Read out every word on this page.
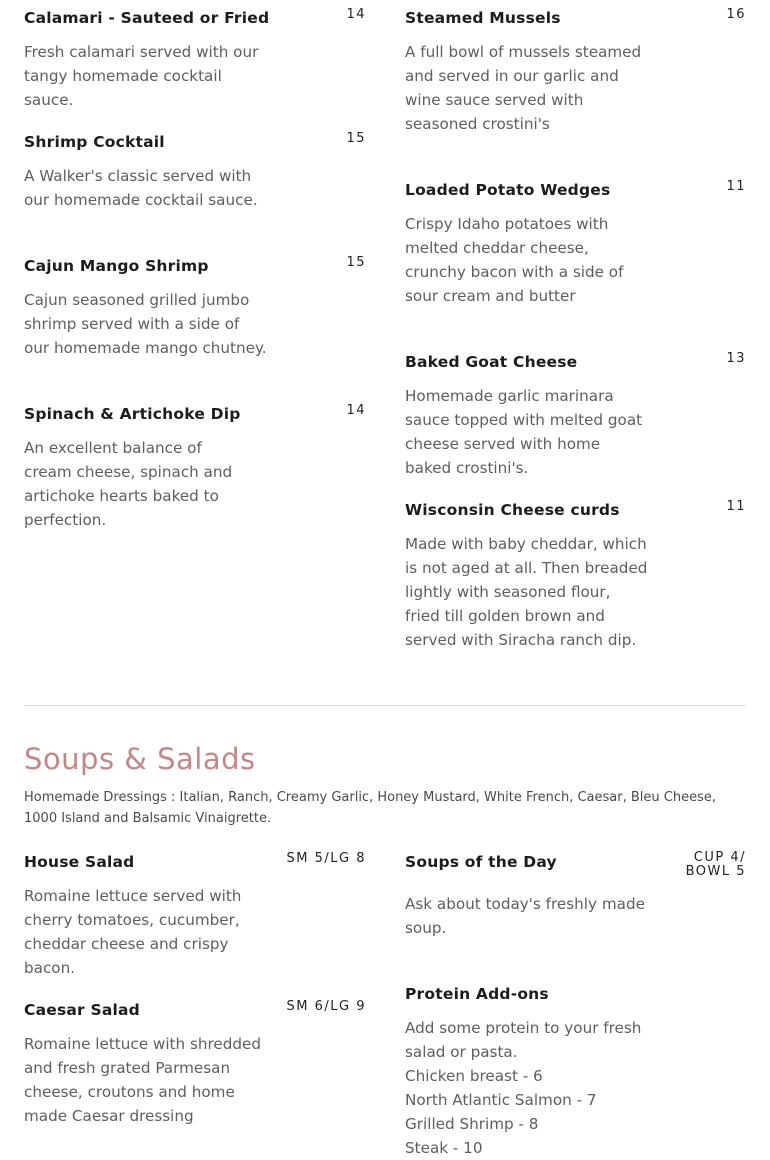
Calamari - Sauteed or Fried	14
Fresh calamari served with our tangy homemade cocktail sauce.
Shrimp Cocktail	15
A Walker's classic served with our homemade cocktail sauce.
Cajun Mango Shrimp	15
Cajun seasoned grilled jumbo shrimp served with a side of our homemade mango chutney.
Spinach & Artichoke Dip	14
An excellent balance of cream cheese, spinach and artichoke hearts baked to perfection.
Steamed Mussels	16
A full bowl of mussels steamed and served in our garlic and wine sauce served with seasoned crostini's
Loaded Potato Wedges	11
Crispy Idaho potatoes with melted cheddar cheese, crunchy bacon with a side of sour cream and butter
Baked Goat Cheese	13
Homemade garlic marinara sauce topped with melted goat cheese served with home baked crostini's.
Wisconsin Cheese curds	11
Made with baby cheddar, which is not aged at all. Then breaded lightly with seasoned flour, fried till golden brown and served with Siracha ranch dip.
Soups & Salads
Homemade Dressings : Italian, Ranch, Creamy Garlic, Honey Mustard, White French, Caesar, Bleu Cheese, 1000 Island and Balsamic Vinaigrette.
House Salad	SM 5/LG 8
Romaine lettuce served with cherry tomatoes, cucumber, cheddar cheese and crispy bacon.
Caesar Salad	SM 6/LG 9
Romaine lettuce with shredded and fresh grated Parmesan cheese, croutons and home made Caesar dressing
Soups of the Day	CUP 4/
BOWL 5
Ask about today's freshly made soup.
Protein Add-ons
Add some protein to your fresh salad or pasta.
Chicken breast - 6
North Atlantic Salmon - 7
Grilled Shrimp - 8
Steak - 10
